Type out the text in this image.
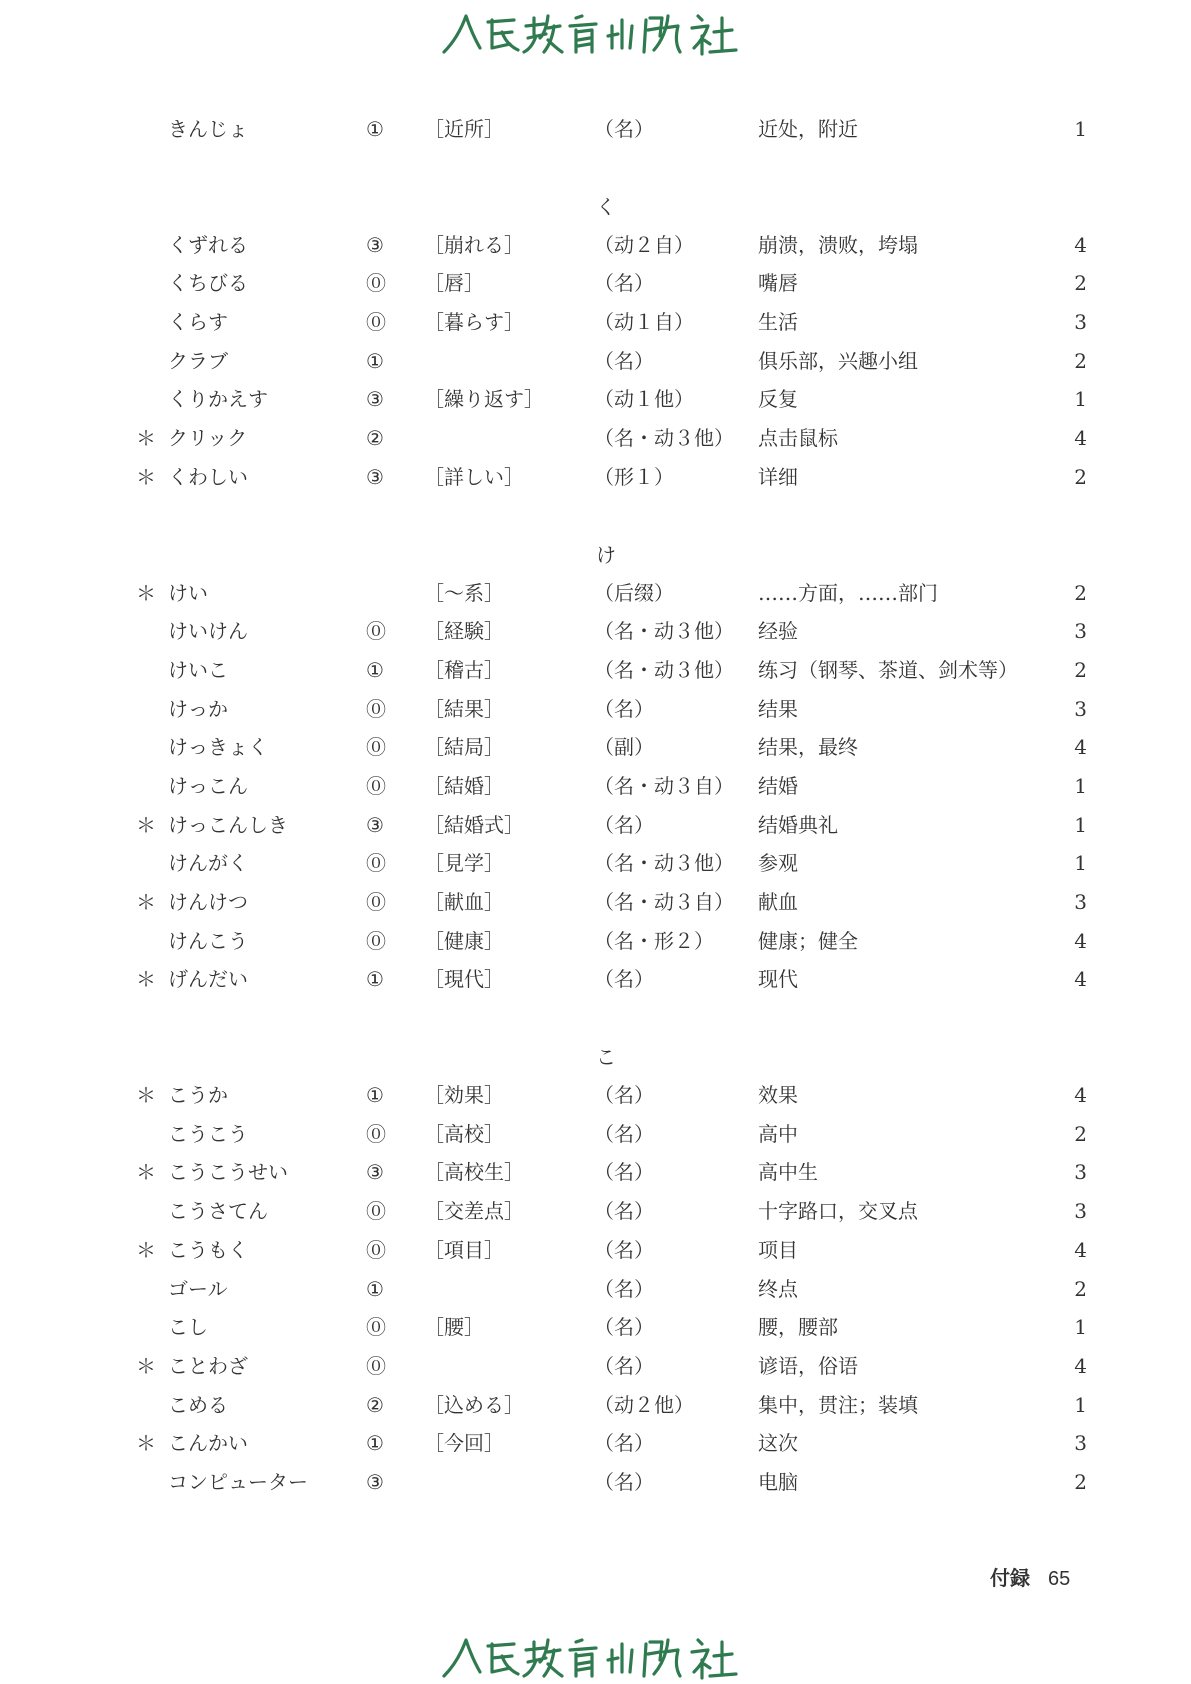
きんじょ	① ［近所］	（名）	近处，附近	1
く
くずれる	③ ［崩れる］	（动２自）	崩溃，溃败，垮塌	4
くちびる	⓪ ［唇］	（名）	嘴唇	2
くらす	⓪ ［暮らす］	（动１自）	生活	3
クラブ	①	（名）	俱乐部，兴趣小组	2
くりかえす	③ ［繰り返す］	（动１他）	反复	1
＊ クリック	②	（名・动３他） 点击鼠标	4
＊ くわしい	③ ［詳しい］	（形１）	详细	2
け
＊ けい	［～系］	（后缀）	……方面，……部门	2
けいけん	⓪ ［経験］	（名・动３他） 经验	3
けいこ	① ［稽古］	（名・动３他） 练习（钢琴、茶道、剑术等）	2
けっか	⓪ ［結果］	（名）	结果	3
けっきょく	⓪ ［結局］	（副）	结果，最终	4
けっこん	⓪ ［結婚］	（名・动３自） 结婚	1
＊ けっこんしき	③ ［結婚式］	（名）	结婚典礼	1
けんがく	⓪ ［見学］	（名・动３他） 参观	1
＊ けんけつ	⓪ ［献血］	（名・动３自） 献血	3
けんこう	⓪ ［健康］	（名・形２） 健康；健全	4
＊ げんだい	① ［現代］	（名）	现代	4
こ
＊ こうか	① ［効果］	（名）	效果	4
こうこう	⓪ ［高校］	（名）	高中	2
＊ こうこうせい	③ ［高校生］	（名）	高中生	3
こうさてん	⓪ ［交差点］	（名）	十字路口，交叉点	3
＊ こうもく	⓪ ［項目］	（名）	项目	4
ゴール	①	（名）	终点	2
こし	⓪ ［腰］	（名）	腰，腰部	1
＊ ことわざ	⓪	（名）	谚语，俗语	4
こめる	② ［込める］	（动２他）	集中，贯注；装填	1
＊ こんかい	① ［今回］	（名）	这次	3
コンピューター	③	（名）	电脑	2
付録 65
